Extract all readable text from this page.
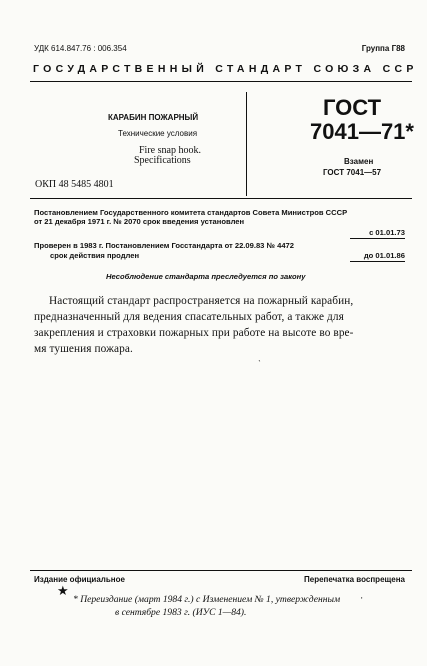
УДК 614.847.76 : 006.354	Группа Г88
ГОСУДАРСТВЕННЫЙ СТАНДАРТ СОЮЗА ССР
КАРАБИН ПОЖАРНЫЙ
Технические условия
Fire snap hook.
Specifications
ОКП 48 5485 4801
ГОСТ
7041—71*
Взамен
ГОСТ 7041—57
Постановлением Государственного комитета стандартов Совета Министров СССР
от 21 декабря 1971 г. № 2070 срок введения установлен
с 01.01.73
Проверен в 1983 г. Постановлением Госстандарта от 22.09.83 № 4472
срок действия продлен	до 01.01.86
Несоблюдение стандарта преследуется по закону
Настоящий стандарт распространяется на пожарный карабин,
предназначенный для ведения спасательных работ, а также для
закрепления и страховки пожарных при работе на высоте во вре-
мя тушения пожара.
ˋ
Издание официальное	Перепечатка воспрещена
★
* Переиздание (март 1984 г.) с Изменением № 1, утвержденным
в сентябре 1983 г. (ИУС 1—84).
'
